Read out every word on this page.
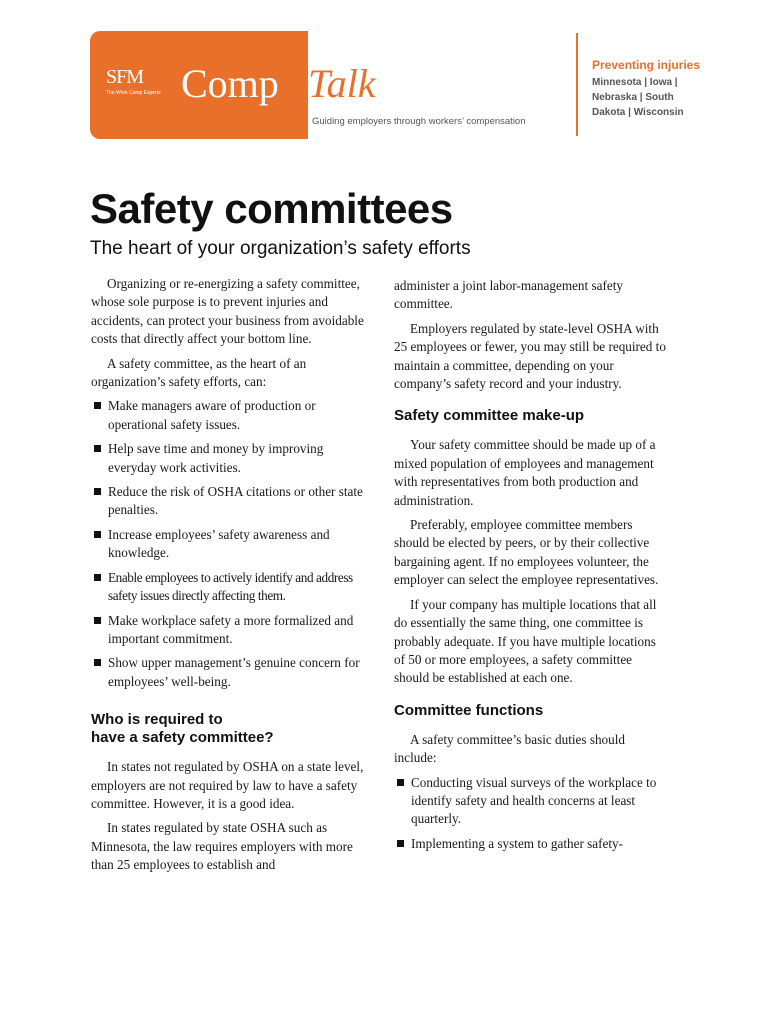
SFM
The Work Comp Experts Comp Talk
Guiding employers through workers’ compensation
Preventing injuries
Minnesota | Iowa | Nebraska | South Dakota | Wisconsin
Safety committees
The heart of your organization’s safety efforts

Organizing or re-energizing a safety committee, whose sole purpose is to prevent injuries and accidents, can protect your business from avoidable costs that directly affect your bottom line.

A safety committee, as the heart of an organization’s safety efforts, can:

Make managers aware of production or operational safety issues.
Help save time and money by improving everyday work activities.
Reduce the risk of OSHA citations or other state penalties.
Increase employees’ safety awareness and knowledge.
Enable employees to actively identify and address safety issues directly affecting them.
Make workplace safety a more formalized and important commitment.
Show upper management’s genuine concern for employees’ well-being.
Who is required to
have a safety committee?

In states not regulated by OSHA on a state level, employers are not required by law to have a safety committee. However, it is a good idea.

In states regulated by state OSHA such as Minnesota, the law requires employers with more than 25 employees to establish and

administer a joint labor-management safety committee.

Employers regulated by state-level OSHA with 25 employees or fewer, you may still be required to maintain a committee, depending on your company’s safety record and your industry.

Safety committee make-up

Your safety committee should be made up of a mixed population of employees and management with representatives from both production and administration.

Preferably, employee committee members should be elected by peers, or by their collective bargaining agent. If no employees volunteer, the employer can select the employee representatives.

If your company has multiple locations that all do essentially the same thing, one committee is probably adequate. If you have multiple locations of 50 or more employees, a safety committee should be established at each one.

Committee functions

A safety committee’s basic duties should include:

Conducting visual surveys of the workplace to identify safety and health concerns at least quarterly.
Implementing a system to gather safety-
